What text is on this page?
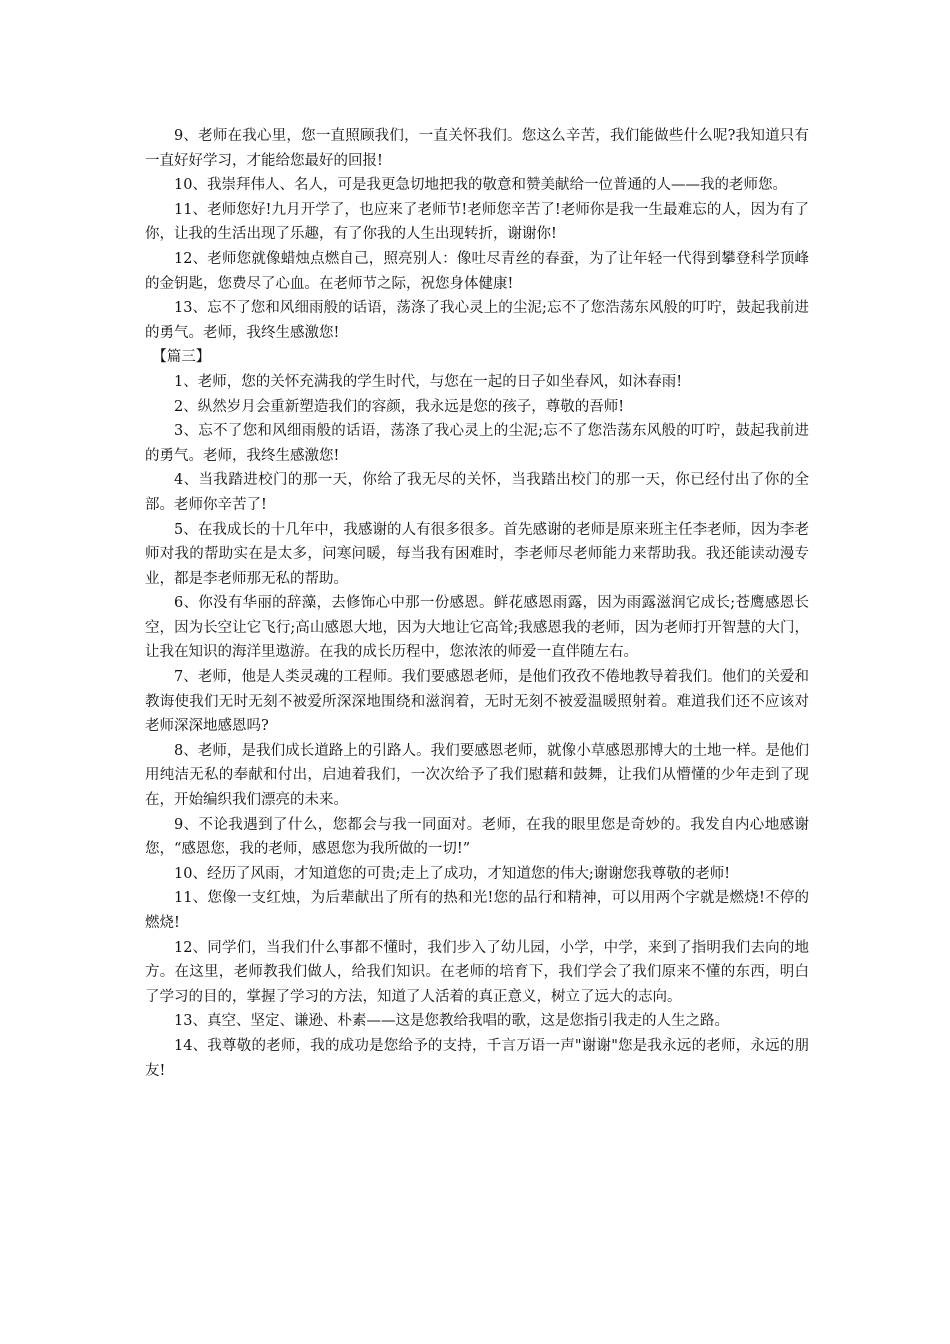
9、老师在我心里，您一直照顾我们，一直关怀我们。您这么辛苦，我们能做些什么呢?我知道只有一直好好学习，才能给您最好的回报!

10、我崇拜伟人、名人，可是我更急切地把我的敬意和赞美献给一位普通的人——我的老师您。

11、老师您好!九月开学了，也应来了老师节!老师您辛苦了!老师你是我一生最难忘的人，因为有了你，让我的生活出现了乐趣，有了你我的人生出现转折，谢谢你!

12、老师您就像蜡烛点燃自己，照亮别人：像吐尽青丝的春蚕，为了让年轻一代得到攀登科学顶峰的金钥匙，您费尽了心血。在老师节之际，祝您身体健康!

13、忘不了您和风细雨般的话语，荡涤了我心灵上的尘泥;忘不了您浩荡东风般的叮咛，鼓起我前进的勇气。老师，我终生感激您!

【篇三】

1、老师，您的关怀充满我的学生时代，与您在一起的日子如坐春风，如沐春雨!

2、纵然岁月会重新塑造我们的容颜，我永远是您的孩子，尊敬的吾师!

3、忘不了您和风细雨般的话语，荡涤了我心灵上的尘泥;忘不了您浩荡东风般的叮咛，鼓起我前进的勇气。老师，我终生感激您!

4、当我踏进校门的那一天，你给了我无尽的关怀，当我踏出校门的那一天，你已经付出了你的全部。老师你辛苦了!

5、在我成长的十几年中，我感谢的人有很多很多。首先感谢的老师是原来班主任李老师，因为李老师对我的帮助实在是太多，问寒问暖，每当我有困难时，李老师尽老师能力来帮助我。我还能读动漫专业，都是李老师那无私的帮助。

6、你没有华丽的辞藻，去修饰心中那一份感恩。鲜花感恩雨露，因为雨露滋润它成长;苍鹰感恩长空，因为长空让它飞行;高山感恩大地，因为大地让它高耸;我感恩我的老师，因为老师打开智慧的大门，让我在知识的海洋里遨游。在我的成长历程中，您浓浓的师爱一直伴随左右。

7、老师，他是人类灵魂的工程师。我们要感恩老师，是他们孜孜不倦地教导着我们。他们的关爱和教诲使我们无时无刻不被爱所深深地围绕和滋润着，无时无刻不被爱温暖照射着。难道我们还不应该对老师深深地感恩吗?

8、老师，是我们成长道路上的引路人。我们要感恩老师，就像小草感恩那博大的土地一样。是他们用纯洁无私的奉献和付出，启迪着我们，一次次给予了我们慰藉和鼓舞，让我们从懵懂的少年走到了现在，开始编织我们漂亮的未来。

9、不论我遇到了什么，您都会与我一同面对。老师，在我的眼里您是奇妙的。我发自内心地感谢您，“感恩您，我的老师，感恩您为我所做的一切!”

10、经历了风雨，才知道您的可贵;走上了成功，才知道您的伟大;谢谢您我尊敬的老师!

11、您像一支红烛，为后辈献出了所有的热和光!您的品行和精神，可以用两个字就是燃烧!不停的燃烧!

12、同学们，当我们什么事都不懂时，我们步入了幼儿园，小学，中学，来到了指明我们去向的地方。在这里，老师教我们做人，给我们知识。在老师的培育下，我们学会了我们原来不懂的东西，明白了学习的目的，掌握了学习的方法，知道了人活着的真正意义，树立了远大的志向。

13、真空、坚定、谦逊、朴素——这是您教给我唱的歌，这是您指引我走的人生之路。

14、我尊敬的老师，我的成功是您给予的支持，千言万语一声"谢谢"您是我永远的老师，永远的朋友!
